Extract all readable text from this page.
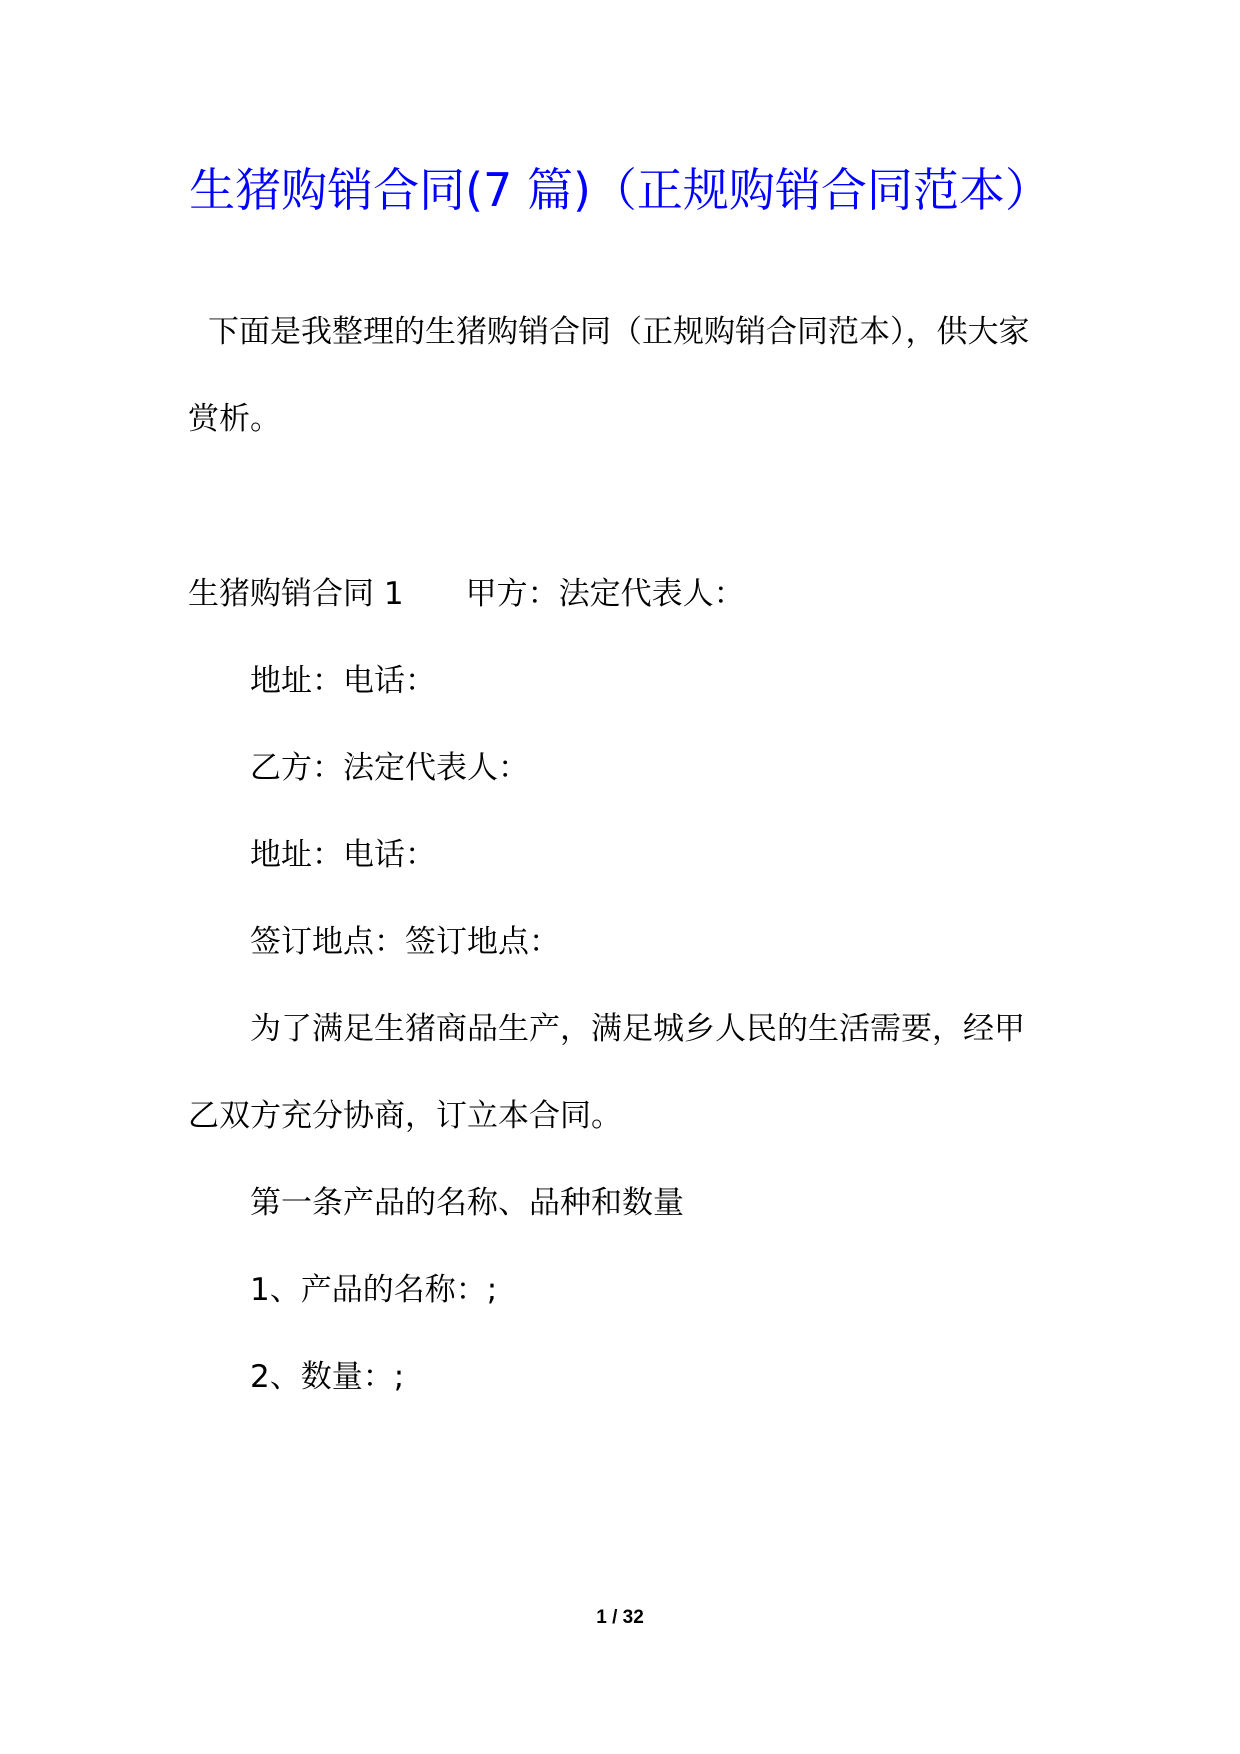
生猪购销合同(7 篇)（正规购销合同范本）
下面是我整理的生猪购销合同（正规购销合同范本），供大家
赏析。
生猪购销合同 1 甲方：法定代表人：
地址：电话：
乙方：法定代表人：
地址：电话：
签订地点：签订地点：
为了满足生猪商品生产，满足城乡人民的生活需要，经甲
乙双方充分协商，订立本合同。
第一条产品的名称、品种和数量
1、产品的名称：;
2、数量：;
1 / 32
